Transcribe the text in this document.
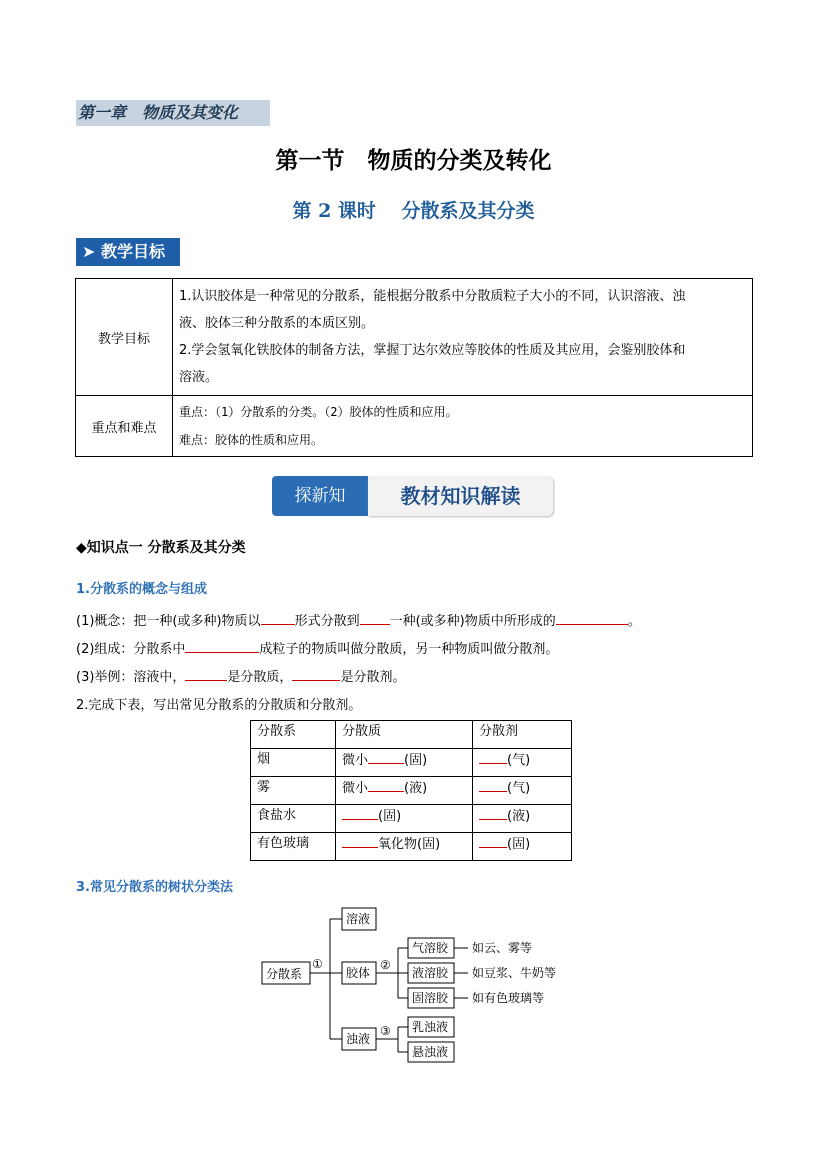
第一章　物质及其变化
第一节　物质的分类及转化
第 2 课时　 分散系及其分类
➤ 教学目标
教学目标	1.认识胶体是一种常见的分散系，能根据分散系中分散质粒子大小的不同，认识溶液、浊
液、胶体三种分散系的本质区别。
2.学会氢氧化铁胶体的制备方法，掌握丁达尔效应等胶体的性质及其应用，会鉴别胶体和
溶液。

重点和难点	重点：（1）分散系的分类。（2）胶体的性质和应用。
难点：胶体的性质和应用。
探新知	教材知识解读
◆知识点一 分散系及其分类
1.分散系的概念与组成
(1)概念：把一种(或多种)物质以	形式分散到 一种(或多种)物质中所形成的	。
(2)组成：分散系中	成粒子的物质叫做分散质，另一种物质叫做分散剂。
(3)举例：溶液中，	是分散质，	是分散剂。
2.完成下表，写出常见分散系的分散质和分散剂。
分散系	分散质	分散剂
烟	微小 (固)	(气)
雾	微小 (液)	(气)
食盐水	(固)	(液)
有色玻璃	氧化物(固)	(固)
3.常见分散系的树状分类法
分散系
①
溶液
胶体
浊液
②
③
气溶胶
液溶胶
固溶胶
如云、雾等
如豆浆、牛奶等
如有色玻璃等
乳浊液
悬浊液
